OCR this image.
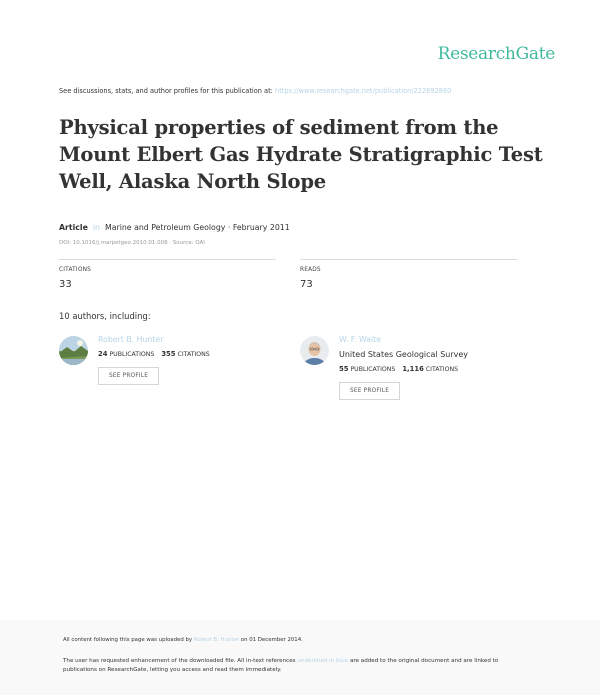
ResearchGate
See discussions, stats, and author profiles for this publication at: https://www.researchgate.net/publication/222692860
Physical properties of sediment from the Mount Elbert Gas Hydrate Stratigraphic Test Well, Alaska North Slope
Article in Marine and Petroleum Geology · February 2011
DOI: 10.1016/j.marpetgeo.2010.01.008 · Source: OAI
CITATIONS
33
READS
73
10 authors, including:
Robert B. Hunter
24 PUBLICATIONS 355 CITATIONS
SEE PROFILE
W. F. Waite
United States Geological Survey
55 PUBLICATIONS 1,116 CITATIONS
SEE PROFILE
All content following this page was uploaded by Robert B. Hunter on 01 December 2014.
The user has requested enhancement of the downloaded file. All in-text references underlined in blue are added to the original document and are linked to publications on ResearchGate, letting you access and read them immediately.
